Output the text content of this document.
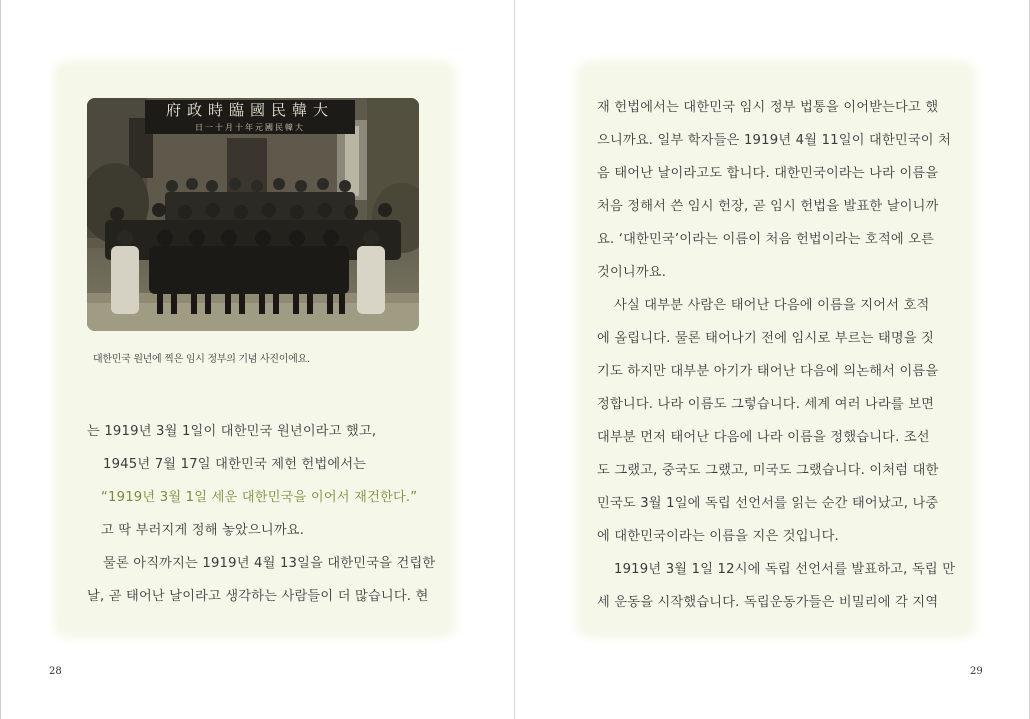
大韓民國臨時政府
大韓民國元年十月十一日
대한민국 원년에 찍은 임시 정부의 기념 사진이에요.
는 1919년 3월 1일이 대한민국 원년이라고 했고,
1945년 7월 17일 대한민국 제헌 헌법에서는
“1919년 3월 1일 세운 대한민국을 이어서 재건한다.”
고 딱 부러지게 정해 놓았으니까요.
물론 아직까지는 1919년 4월 13일을 대한민국을 건립한
날, 곧 태어난 날이라고 생각하는 사람들이 더 많습니다. 현
28
재 헌법에서는 대한민국 임시 정부 법통을 이어받는다고 했
으니까요. 일부 학자들은 1919년 4월 11일이 대한민국이 처
음 태어난 날이라고도 합니다. 대한민국이라는 나라 이름을
처음 정해서 쓴 임시 헌장, 곧 임시 헌법을 발표한 날이니까
요. ‘대한민국’이라는 이름이 처음 헌법이라는 호적에 오른
것이니까요.
사실 대부분 사람은 태어난 다음에 이름을 지어서 호적
에 올립니다. 물론 태어나기 전에 임시로 부르는 태명을 짓
기도 하지만 대부분 아기가 태어난 다음에 의논해서 이름을
정합니다. 나라 이름도 그렇습니다. 세계 여러 나라를 보면
대부분 먼저 태어난 다음에 나라 이름을 정했습니다. 조선
도 그랬고, 중국도 그랬고, 미국도 그랬습니다. 이처럼 대한
민국도 3월 1일에 독립 선언서를 읽는 순간 태어났고, 나중
에 대한민국이라는 이름을 지은 것입니다.
1919년 3월 1일 12시에 독립 선언서를 발표하고, 독립 만
세 운동을 시작했습니다. 독립운동가들은 비밀리에 각 지역
29
